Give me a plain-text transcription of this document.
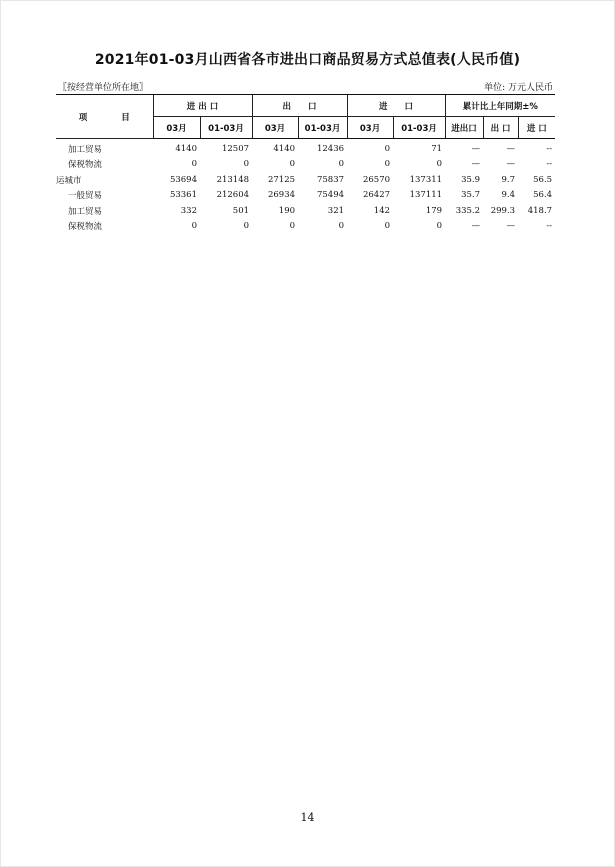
2021年01-03月山西省各市进出口商品贸易方式总值表(人民币值)
〖按经营单位所在地〗	单位: 万元人民币
项　　　　目	进 出 口		出　　口		进　　口		累计比上年同期±%		
	03月	01-03月	03月	01-03月	03月	01-03月	进出口	出 口	进 口
加工贸易	4140	12507	4140	12436	0	71	—	—	--
保税物流	0	0	0	0	0	0	—	—	--
运城市	53694	213148	27125	75837	26570	137311	35.9	9.7	56.5
一般贸易	53361	212604	26934	75494	26427	137111	35.7	9.4	56.4
加工贸易	332	501	190	321	142	179	335.2	299.3	418.7
保税物流	0	0	0	0	0	0	—	—	--
14
